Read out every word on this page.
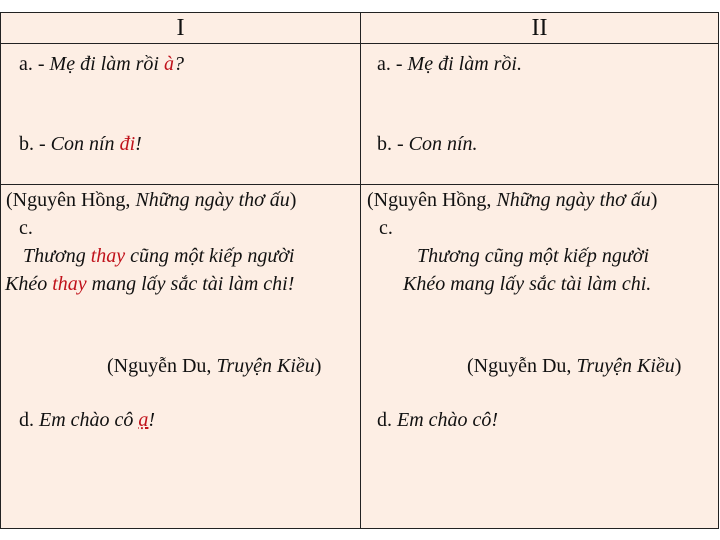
I	II
a. - Mẹ đi làm rồi à?
b. - Con nín đi!
(Nguyên Hồng, Những ngày thơ ấu)
c.
Thương thay cũng một kiếp người
Khéo thay mang lấy sắc tài làm chi!
(Nguyễn Du, Truyện Kiều)
d. Em chào cô ạ!
a. - Mẹ đi làm rồi.
b. - Con nín.
(Nguyên Hồng, Những ngày thơ ấu)
c.
Thương cũng một kiếp người
Khéo mang lấy sắc tài làm chi.
(Nguyễn Du, Truyện Kiều)
d. Em chào cô!
